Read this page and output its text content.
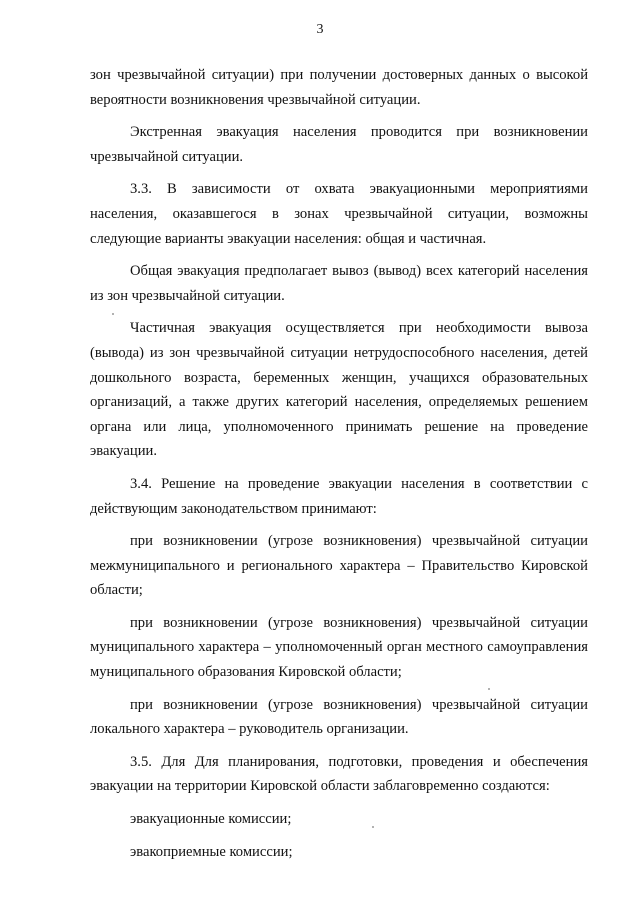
3

зон чрезвычайной ситуации) при получении достоверных данных о высокой вероятности возникновения чрезвычайной ситуации.

Экстренная эвакуация населения проводится при возникновении чрезвычайной ситуации.

3.3. В зависимости от охвата эвакуационными мероприятиями населения, оказавшегося в зонах чрезвычайной ситуации, возможны следующие варианты эвакуации населения: общая и частичная.

Общая эвакуация предполагает вывоз (вывод) всех категорий населения из зон чрезвычайной ситуации.

Частичная эвакуация осуществляется при необходимости вывоза (вывода) из зон чрезвычайной ситуации нетрудоспособного населения, детей дошкольного возраста, беременных женщин, учащихся образовательных организаций, а также других категорий населения, определяемых решением органа или лица, уполномоченного принимать решение на проведение эвакуации.

3.4. Решение на проведение эвакуации населения в соответствии с действующим законодательством принимают:

при возникновении (угрозе возникновения) чрезвычайной ситуации межмуниципального и регионального характера – Правительство Кировской области;

при возникновении (угрозе возникновения) чрезвычайной ситуации муниципального характера – уполномоченный орган местного самоуправления муниципального образования Кировской области;

при возникновении (угрозе возникновения) чрезвычайной ситуации локального характера – руководитель организации.

3.5. Для Для планирования, подготовки, проведения и обеспечения эвакуации на территории Кировской области заблаговременно создаются:

эвакуационные комиссии;

эвакоприемные комиссии;
